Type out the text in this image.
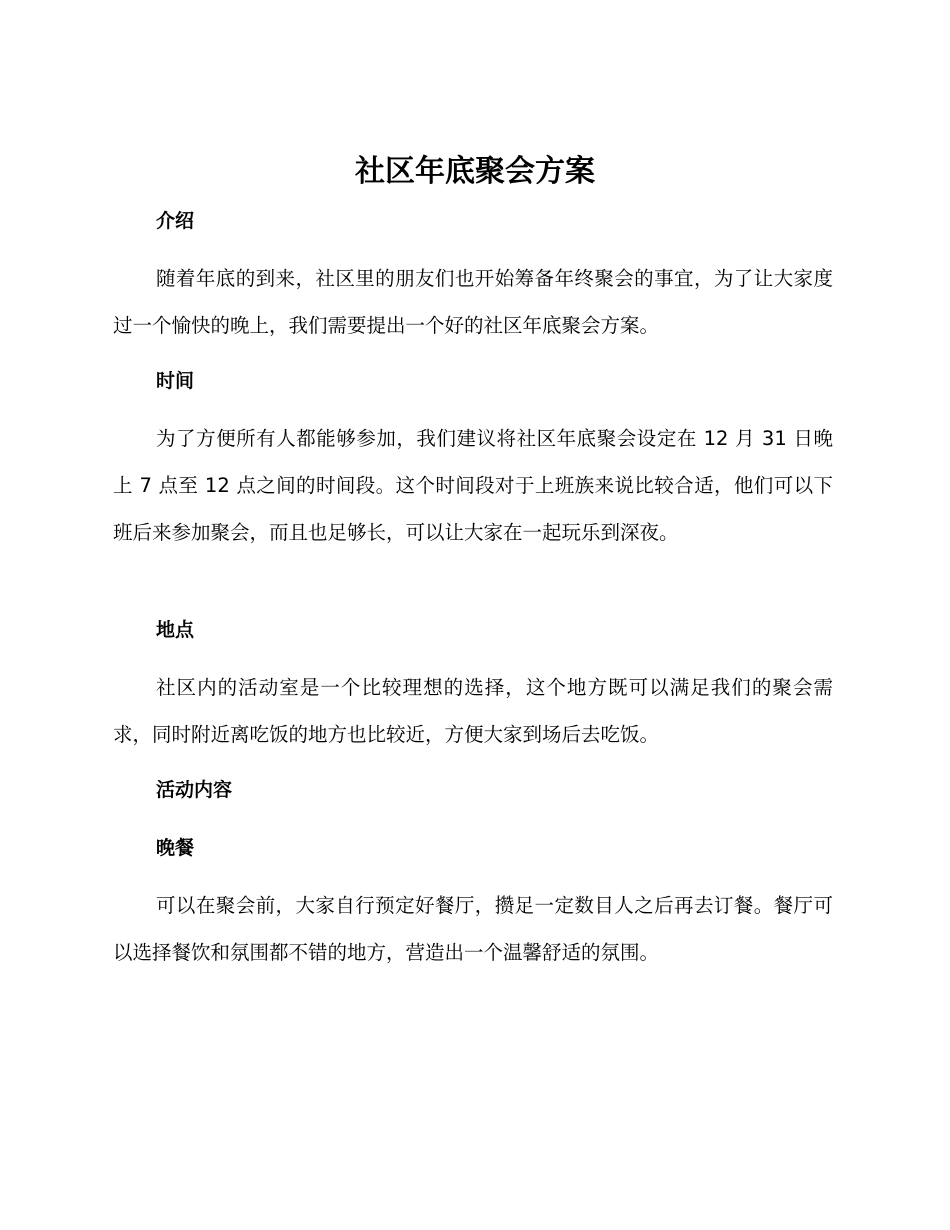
社区年底聚会方案
介绍

随着年底的到来，社区里的朋友们也开始筹备年终聚会的事宜，为了让大家度过一个愉快的晚上，我们需要提出一个好的社区年底聚会方案。

时间

为了方便所有人都能够参加，我们建议将社区年底聚会设定在 12 月 31 日晚上 7 点至 12 点之间的时间段。这个时间段对于上班族来说比较合适，他们可以下班后来参加聚会，而且也足够长，可以让大家在一起玩乐到深夜。

地点

社区内的活动室是一个比较理想的选择，这个地方既可以满足我们的聚会需求，同时附近离吃饭的地方也比较近，方便大家到场后去吃饭。

活动内容
晚餐

可以在聚会前，大家自行预定好餐厅，攒足一定数目人之后再去订餐。餐厅可以选择餐饮和氛围都不错的地方，营造出一个温馨舒适的氛围。
